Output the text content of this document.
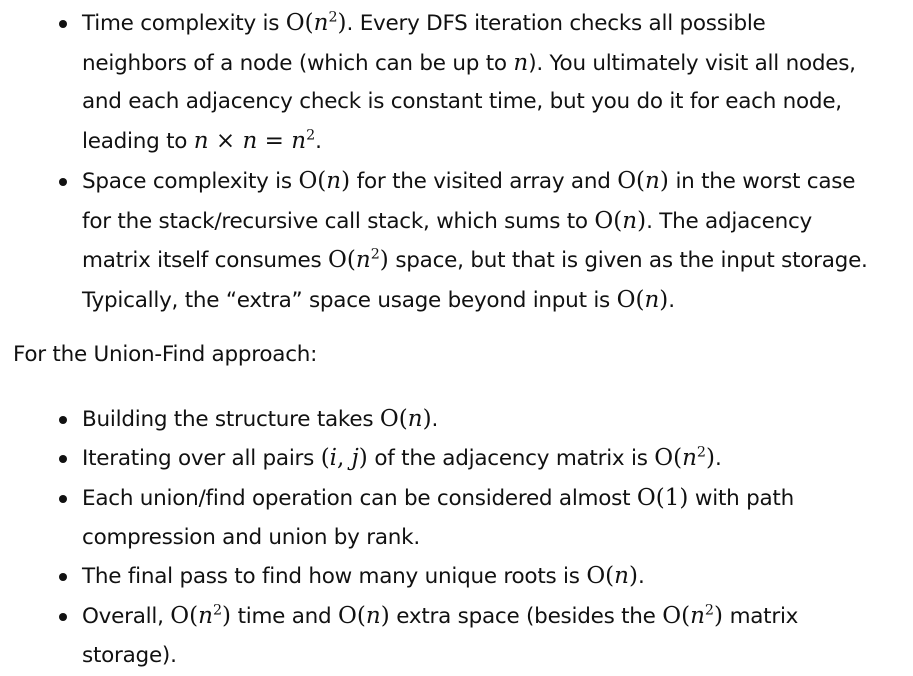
Time complexity is $O(n^2)$. Every DFS iteration checks all possible
neighbors of a node (which can be up to n). You ultimately visit all nodes,
and each adjacency check is constant time, but you do it for each node,
leading to $n \times n = n^2$.
Space complexity is O(n) for the visited array and O(n) in the worst case
for the stack/recursive call stack, which sums to O(n). The adjacency
matrix itself consumes $O(n^2)$ space, but that is given as the input storage.
Typically, the “extra” space usage beyond input is O(n).

For the Union-Find approach:

Building the structure takes O(n).
Iterating over all pairs (i, j) of the adjacency matrix is $O(n^2)$.
Each union/find operation can be considered almost O(1) with path
compression and union by rank.
The final pass to find how many unique roots is O(n).
Overall, $O(n^2)$ time and O(n) extra space (besides the $O(n^2)$ matrix
storage).
